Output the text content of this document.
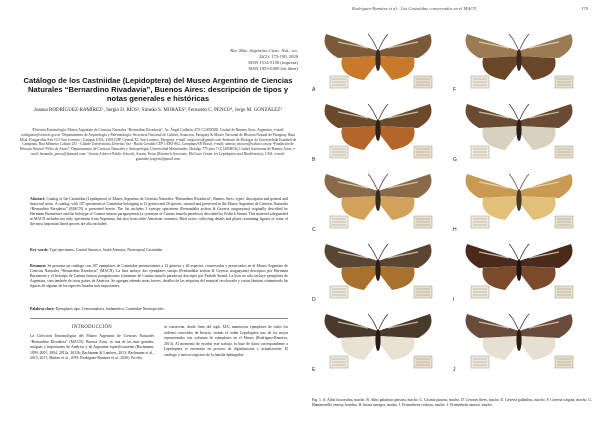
Rodríguez-Ramírez et al.: Los Castniidae conservados en el MACN	170
Rev. Mus. Argentino Cienc. Nat., n.s.
22(2): 173-190, 2020
ISSN 1514-5158 (impresa)
ISSN 1853-0400 (en línea)
Catálogo de los Castniidae (Lepidoptera) del Museo Argentino de Ciencias Naturales “Bernardino Rivadavia”, Buenos Aires: descripción de tipos y notas generales e históricas
Joanna RODRÍGUEZ-RAMÍREZ¹, Sergio D. RÍOS², Simeão S. MORAES³, Fernando C. PENCO⁴, Jorge M. GONZÁLEZ⁵
¹División Entomología, Museo Argentino de Ciencias Naturales “Bernardino Rivadavia”, Av. Ángel Gallardo 470, C1405DJR, Ciudad de Buenos Aires, Argentina, e-mail: rodriguezr@conicet.gov.ar ²Departamento de Arqueología y Paleontología, Secretaría Nacional de Cultura, Asunción, Paraguay & Museo Nacional de Historia Natural de Paraguay, Ruta Mcal. Estigarribia Km 10,5 San Lorenzo / Campus UNA, 2169 CDP, Central XI, San Lorenzo, Paraguay. e-mail: sergiorios@gmail.com ³Instituto de Biologia da Universidade Estadual de Campinas, Rua Monteiro Lobato 255 - Cidade Universitária Zeferino Vaz - Barão Geraldo CEP 13083-862, Campinas/SP, Brasil. e-mail: simeao_moraes@yahoo.com.br ⁴Fundación de Historia Natural “Félix de Azara”, Departamento de Ciencias Naturales y Antropología, Universidad Maimónides, Hidalgo 775 piso 7 (C1405BCK) Ciudad Autónoma de Buenos Aires; e-mail: fernando_penco@hotmail.com. ⁵Austin Achieve Public Schools, Austin, Texas (Research Associate, McGuire Center for Lepidoptera and Biodiversity), USA. e-mail: gonzalez.jorge.m@gmail.com
Abstract: Catalog of the Castniidae (Lepidoptera) of Museo Argentino de Ciencias Naturales “Bernardino Rivadavia”, Buenos Aires: types’ description and general and historical notes. A catalog, with 107 specimens of Castniidae belonging to 12 genera and 26 species, curated and preserved in the Museo Argentino de Ciencias Naturales “Bernardino Rivadavia” (MACN) is presented herein. The list includes 3 syntype specimens (Frenandalia archon & Geyeria uruguayana) originally described by Hermann Burmeister and the holotype of Castnia futurus paraguayensis (a synonym of Castnia insuela paradoxa) described by Erdrich Strand. This material safeguarded at MACN includes not only specimens from Argentina, but also from other American countries. Brief notes, collecting details and plates containing figures of some of the most important listed species are also included.
Key words: Type specimens, Central America, South America, Neotropical Castniidae.
Resumen: Se presenta un catálogo con 107 ejemplares de Castniidae pertenecientes a 12 géneros y 26 especies, conservados y preservados en el Museo Argentino de Ciencias Naturales “Bernardino Rivadavia” (MACN). La lista incluye dos ejemplares sintipo (Frenandalia archon & Geyeria uruguayana) descriptos por Hermann Burmeister y el holotipo de Castnia futurus paraguayensis (sinónimo de Castnia insuela paradoxa) descripto por Embrik Strand. La lista no sólo incluye ejemplares de Argentina, sino también de otros países de América. Se agregan además notas breves, detalles de las etiquetas del material recolectado y varias láminas conteniendo las figuras de algunas de las especies listadas más importantes.
Palabras clave: Ejemplares tipo, Centroamérica, Sudamérica, Castniidae Neotropicales.
INTRODUCCIÓN
La Colección Entomológica del Museo Argentino de Ciencias Naturales “Bernardino Rivadavia” (MACN), Buenos Aires, es una de las más grandes, antiguas e importantes de América y de Argentina específicamente (Bachmann, 1999, 2001, 2004, 2012a, 2012b; Bachmann & Lambert, 2013; Bachmann et al., 2015, 2017; Mulieri et al., 2019; Rodríguez-Ramírez et al., 2020). En ella
se conservan, desde fines del siglo XIX, numerosos ejemplares de todos los órdenes conocidos de Insecta, siendo el orden Lepidoptera uno de los mejor representados con volumen de ejemplares en el Museo (Rodríguez-Ramírez, 2014). Al momento de escribir este trabajo, la base de datos correspondiente a Lepidoptera se encuentra en proceso de digitalización y actualización. El catálogo y nuevos registros de la familia Sphingidae
A
B
C
D
E
F
G
H
I
J
Fig. 1. A. Athis fuscorubra, macho. B. Athis palatinus pinsoni, macho. C. Castnia juturna, macho. D. Cerones thees, macho. E. Geyeria galanthus, macho. F. Geyeria strigata, macho. G. Hamimenilla venosa, hembra. H. Imara satrapes, macho. I. Prometheus cochrus, macho. J. Prometheus sanessi, macho.
